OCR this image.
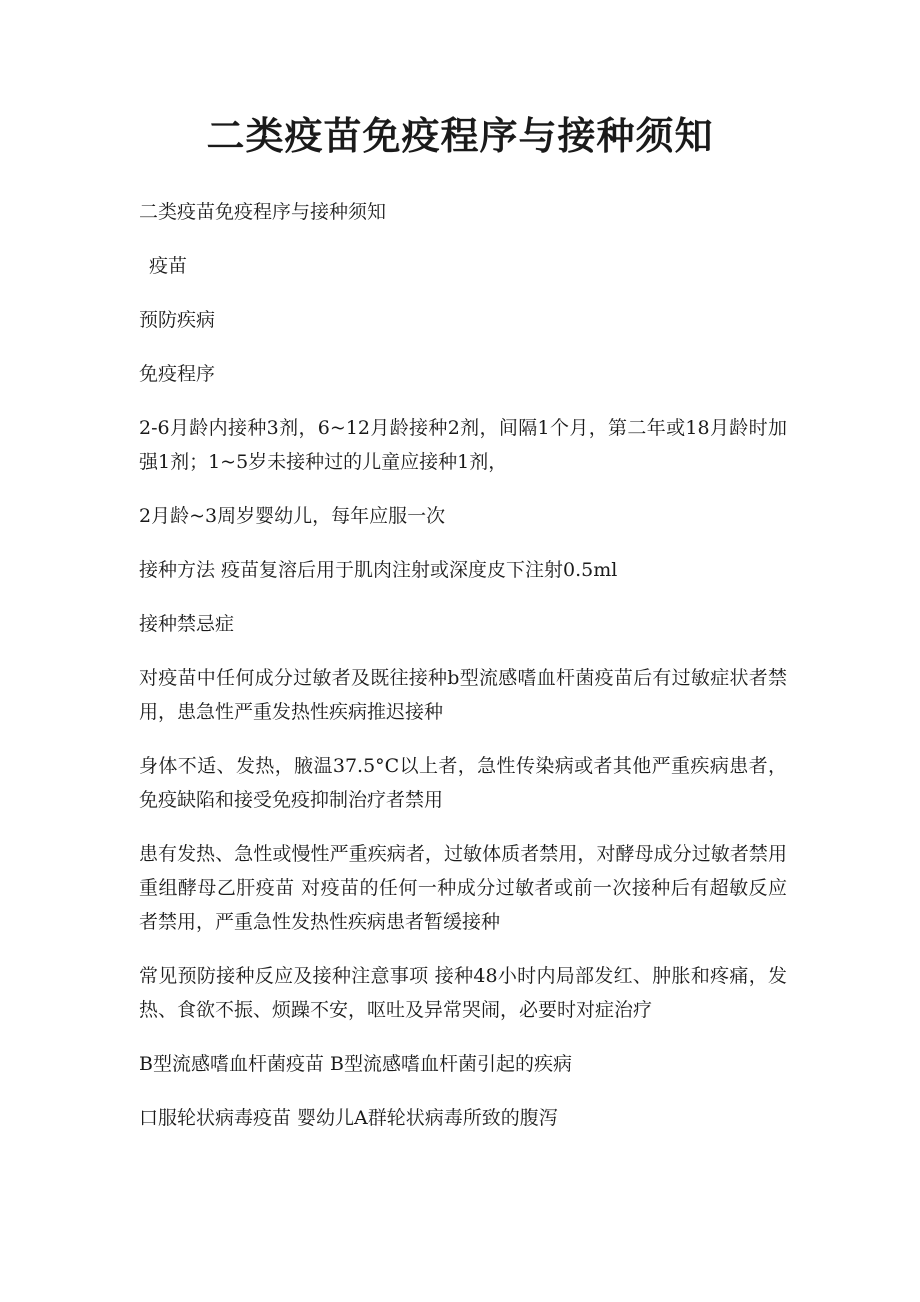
二类疫苗免疫程序与接种须知

二类疫苗免疫程序与接种须知

疫苗

预防疾病

免疫程序

2-6月龄内接种3剂，6~12月龄接种2剂，间隔1个月，第二年或18月龄时加强1剂；1~5岁未接种过的儿童应接种1剂，

2月龄~3周岁婴幼儿，每年应服一次

接种方法 疫苗复溶后用于肌肉注射或深度皮下注射0.5ml

接种禁忌症

对疫苗中任何成分过敏者及既往接种b型流感嗜血杆菌疫苗后有过敏症状者禁用，患急性严重发热性疾病推迟接种

身体不适、发热，腋温37.5°C以上者，急性传染病或者其他严重疾病患者，免疫缺陷和接受免疫抑制治疗者禁用

患有发热、急性或慢性严重疾病者，过敏体质者禁用，对酵母成分过敏者禁用重组酵母乙肝疫苗 对疫苗的任何一种成分过敏者或前一次接种后有超敏反应者禁用，严重急性发热性疾病患者暂缓接种

常见预防接种反应及接种注意事项 接种48小时内局部发红、肿胀和疼痛，发热、食欲不振、烦躁不安，呕吐及异常哭闹，必要时对症治疗

B型流感嗜血杆菌疫苗 B型流感嗜血杆菌引起的疾病

口服轮状病毒疫苗 婴幼儿A群轮状病毒所致的腹泻
